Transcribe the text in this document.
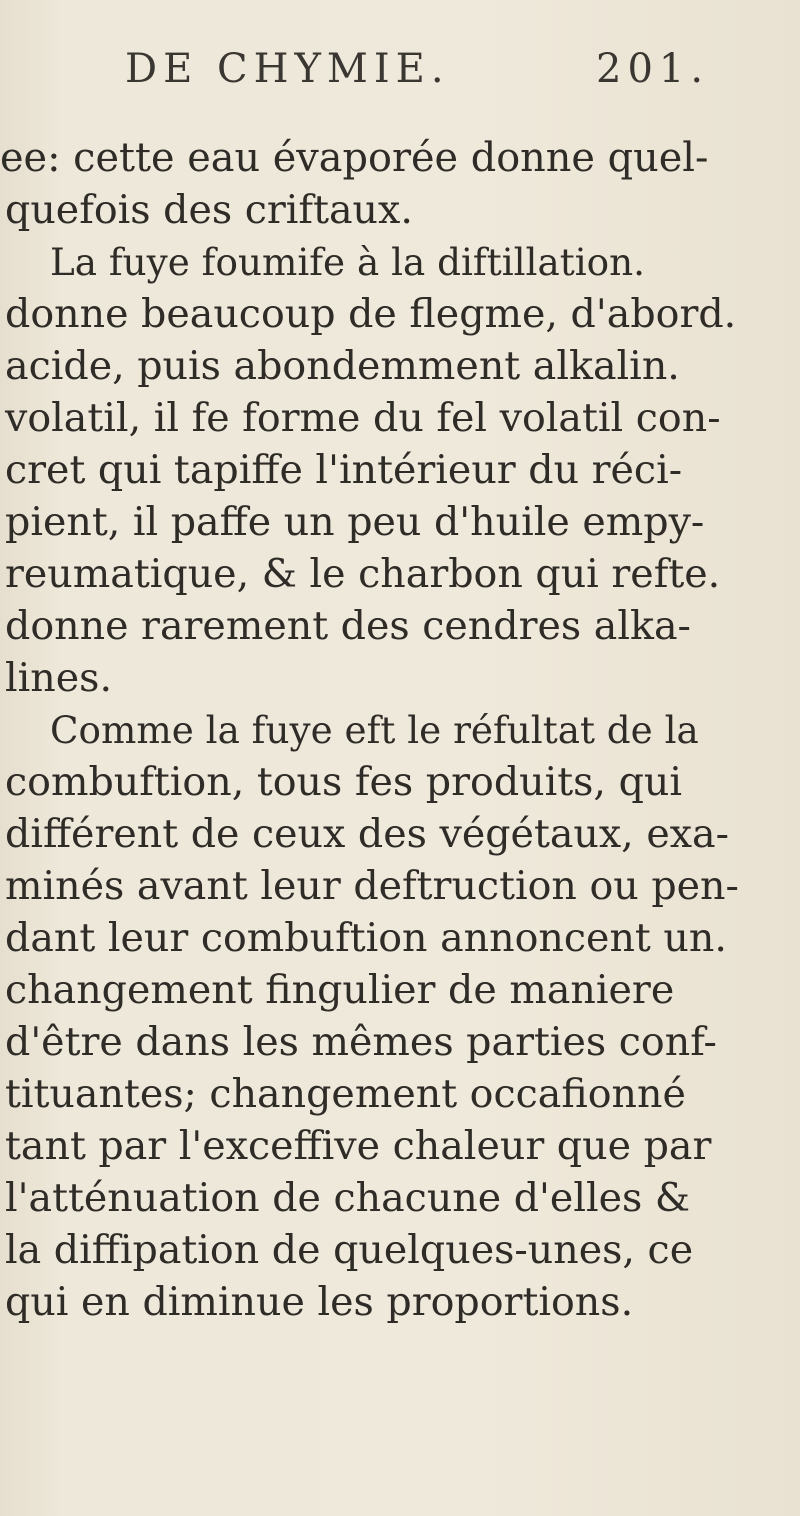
DE CHYMIE.	201.
ee: cette eau évaporée donne quel-
quefois des criftaux.
La fuye foumife à la diftillation.
donne beaucoup de flegme, d'abord.
acide, puis abondemment alkalin.
volatil, il fe forme du fel volatil con-
cret qui tapiffe l'intérieur du réci-
pient, il paffe un peu d'huile empy-
reumatique, & le charbon qui refte.
donne rarement des cendres alka-
lines.
Comme la fuye eft le réfultat de la
combuftion, tous fes produits, qui
différent de ceux des végétaux, exa-
minés avant leur deftruction ou pen-
dant leur combuftion annoncent un.
changement fingulier de maniere
d'être dans les mêmes parties conf-
tituantes; changement occafionné
tant par l'exceffive chaleur que par
l'atténuation de chacune d'elles &
la diffipation de quelques-unes, ce
qui en diminue les proportions.
